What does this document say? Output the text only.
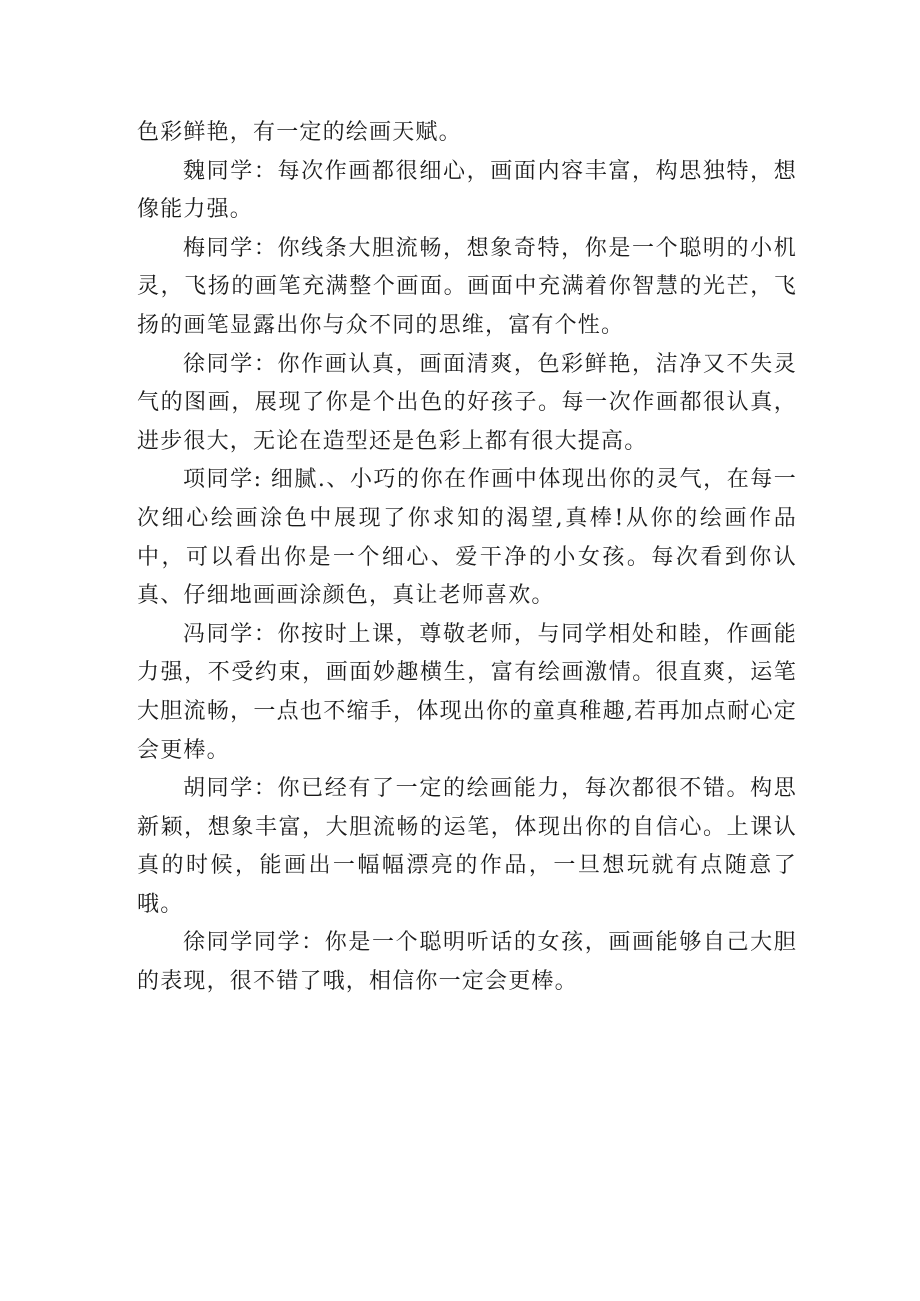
色彩鲜艳，有一定的绘画天赋。

魏同学：每次作画都很细心，画面内容丰富，构思独特，想像能力强。

梅同学：你线条大胆流畅，想象奇特，你是一个聪明的小机灵，飞扬的画笔充满整个画面。画面中充满着你智慧的光芒，飞扬的画笔显露出你与众不同的思维，富有个性。

徐同学：你作画认真，画面清爽，色彩鲜艳，洁净又不失灵气的图画，展现了你是个出色的好孩子。每一次作画都很认真，进步很大，无论在造型还是色彩上都有很大提高。

项同学: 细腻.、小巧的你在作画中体现出你的灵气，在每一次细心绘画涂色中展现了你求知的渴望,真棒!从你的绘画作品中，可以看出你是一个细心、爱干净的小女孩。每次看到你认真、仔细地画画涂颜色，真让老师喜欢。

冯同学：你按时上课，尊敬老师，与同学相处和睦，作画能力强，不受约束，画面妙趣横生，富有绘画激情。很直爽，运笔大胆流畅，一点也不缩手，体现出你的童真稚趣,若再加点耐心定会更棒。

胡同学：你已经有了一定的绘画能力，每次都很不错。构思新颖，想象丰富，大胆流畅的运笔，体现出你的自信心。上课认真的时候，能画出一幅幅漂亮的作品，一旦想玩就有点随意了哦。

徐同学同学：你是一个聪明听话的女孩，画画能够自己大胆的表现，很不错了哦，相信你一定会更棒。
